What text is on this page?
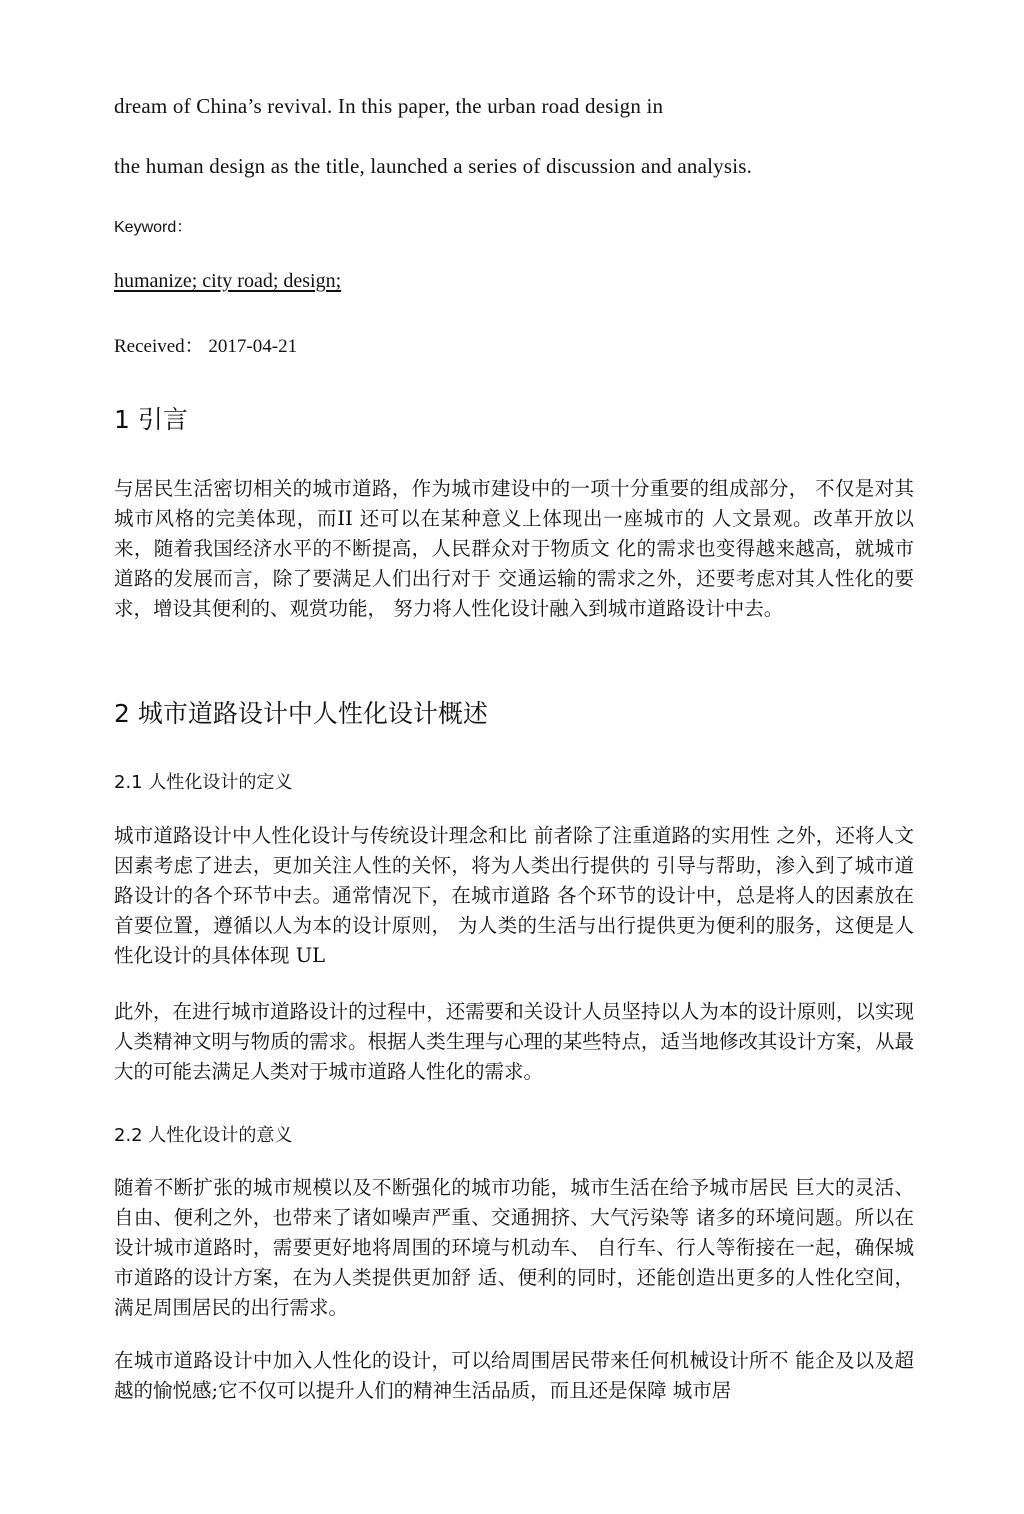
dream of China’s revival. In this paper, the urban road design in
the human design as the title, launched a series of discussion and analysis.
Keyword：
humanize; city road; design;
Received： 2017-04-21
1 引言
与居民生活密切相关的城市道路，作为城市建设中的一项十分重要的组成部分， 不仅是对其城市风格的完美体现，而II 还可以在某种意义上体现出一座城市的 人文景观。改革开放以来，随着我国经济水平的不断提高，人民群众对于物质文 化的需求也变得越来越高，就城市道路的发展而言，除了要满足人们出行对于 交通运输的需求之外，还要考虑对其人性化的要求，增设其便利的、观赏功能， 努力将人性化设计融入到城市道路设计中去。
2 城市道路设计中人性化设计概述
2.1 人性化设计的定义
城市道路设计中人性化设计与传统设计理念和比 前者除了注重道路的实用性 之外，还将人文因素考虑了进去，更加关注人性的关怀，将为人类出行提供的 引导与帮助，渗入到了城市道路设计的各个环节中去。通常情况下，在城市道路 各个环节的设计中，总是将人的因素放在首要位置，遵循以人为本的设计原则， 为人类的生活与出行提供更为便利的服务，这便是人性化设计的具体体现 UL
此外，在进行城市道路设计的过程中，还需要和关设计人员坚持以人为本的设计原则，以实现人类精神文明与物质的需求。根据人类生理与心理的某些特点，适当地修改其设计方案，从最大的可能去满足人类对于城市道路人性化的需求。
2.2 人性化设计的意义
随着不断扩张的城市规模以及不断强化的城市功能，城市生活在给予城市居民 巨大的灵活、自由、便利之外，也带来了诸如噪声严重、交通拥挤、大气污染等 诸多的环境问题。所以在设计城市道路时，需要更好地将周围的环境与机动车、 自行车、行人等衔接在一起，确保城市道路的设计方案，在为人类提供更加舒 适、便利的同时，还能创造出更多的人性化空间，满足周围居民的出行需求。
在城市道路设计中加入人性化的设计，可以给周围居民带来任何机械设计所不 能企及以及超越的愉悦感;它不仅可以提升人们的精神生活品质，而且还是保障 城市居
